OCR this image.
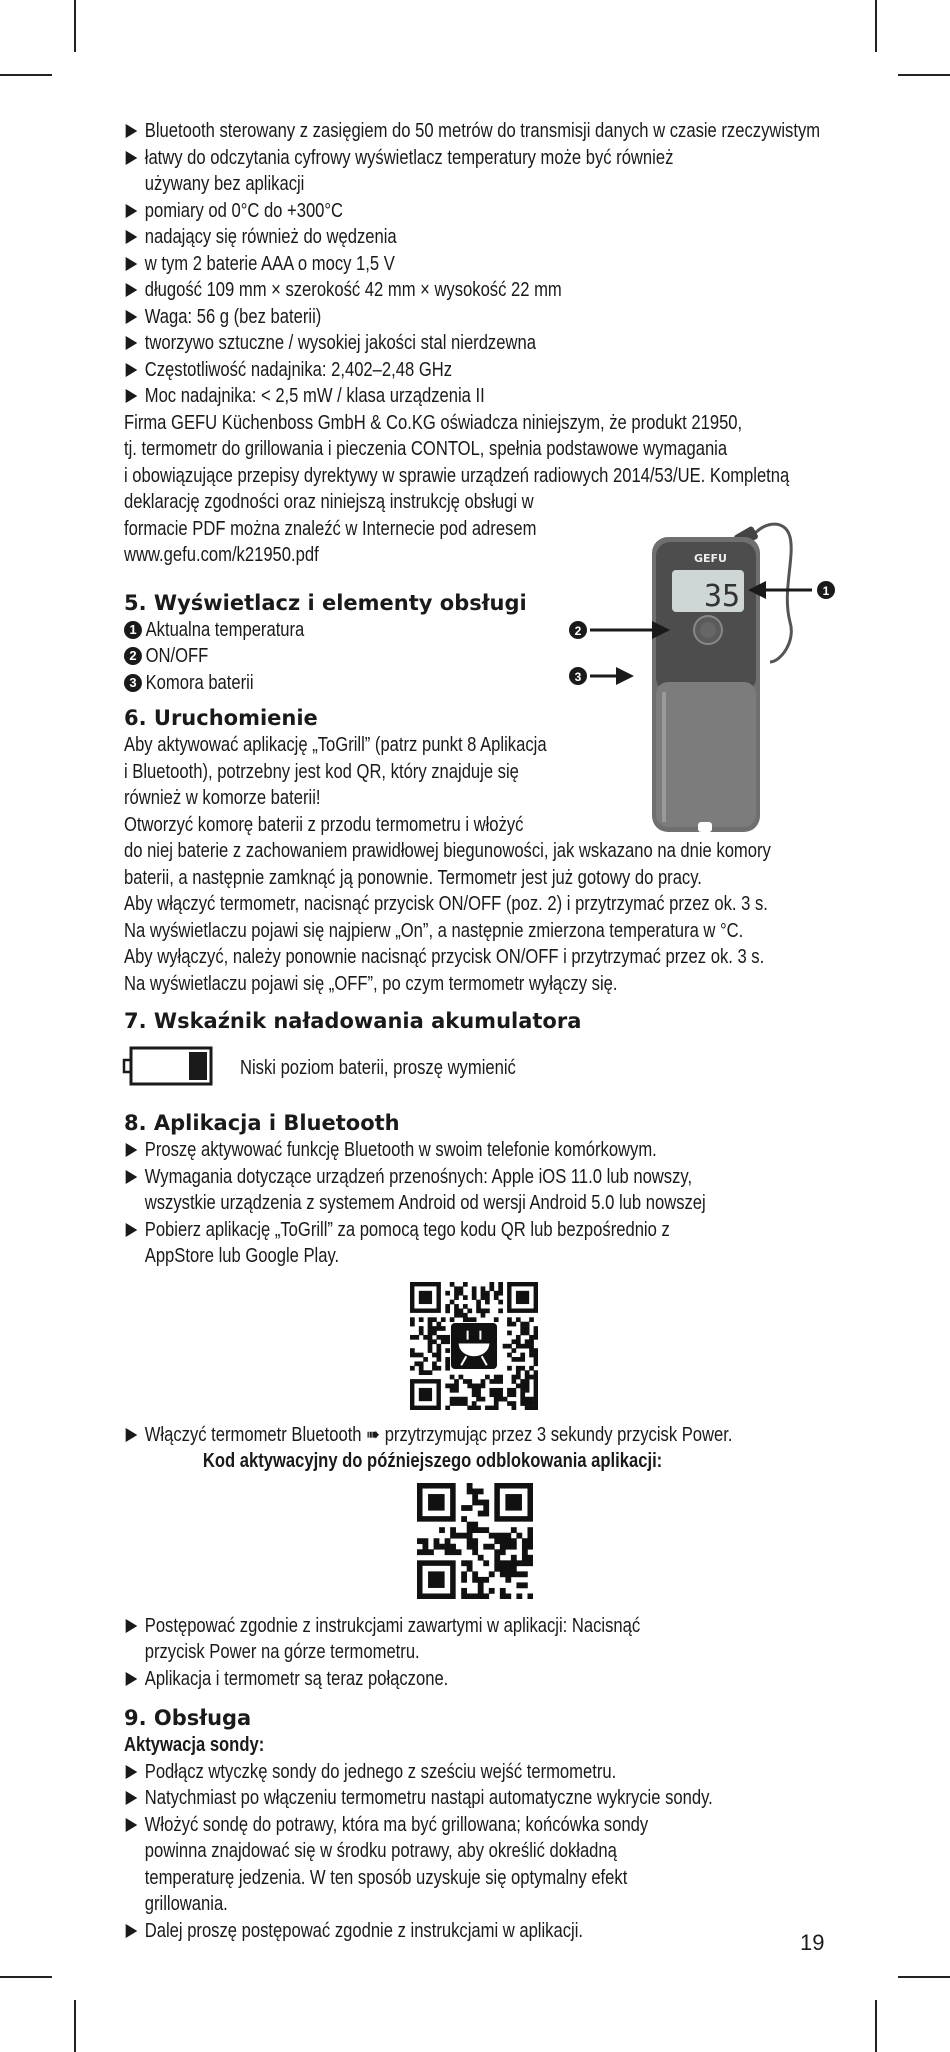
Bluetooth sterowany z zasięgiem do 50 metrów do transmisji danych w czasie rzeczywistym
łatwy do odczytania cyfrowy wyświetlacz temperatury może być również używany bez aplikacji
pomiary od 0°C do +300°C
nadający się również do wędzenia
w tym 2 baterie AAA o mocy 1,5 V
długość 109 mm × szerokość 42 mm × wysokość 22 mm
Waga: 56 g (bez baterii)
tworzywo sztuczne / wysokiej jakości stal nierdzewna
Częstotliwość nadajnika: 2,402–2,48 GHz
Moc nadajnika: < 2,5 mW / klasa urządzenia II
Firma GEFU Küchenboss GmbH & Co.KG oświadcza niniejszym, że produkt 21950,
tj. termometr do grillowania i pieczenia CONTOL, spełnia podstawowe wymagania
i obowiązujące przepisy dyrektywy w sprawie urządzeń radiowych 2014/53/UE. Kompletną
deklarację zgodności oraz niniejszą instrukcję obsługi w
formacie PDF można znaleźć w Internecie pod adresem
www.gefu.com/k21950.pdf
5. Wyświetlacz i elementy obsługi
1 Aktualna temperatura
2 ON/OFF
3 Komora baterii
6. Uruchomienie
Aby aktywować aplikację „ToGrill” (patrz punkt 8 Aplikacja
i Bluetooth), potrzebny jest kod QR, który znajduje się
również w komorze baterii!
Otworzyć komorę baterii z przodu termometru i włożyć
do niej baterie z zachowaniem prawidłowej biegunowości, jak wskazano na dnie komory
baterii, a następnie zamknąć ją ponownie. Termometr jest już gotowy do pracy.
Aby włączyć termometr, nacisnąć przycisk ON/OFF (poz. 2) i przytrzymać przez ok. 3 s.
Na wyświetlaczu pojawi się najpierw „On”, a następnie zmierzona temperatura w °C.
Aby wyłączyć, należy ponownie nacisnąć przycisk ON/OFF i przytrzymać przez ok. 3 s.
Na wyświetlaczu pojawi się „OFF”, po czym termometr wyłączy się.
7. Wskaźnik naładowania akumulatora
Niski poziom baterii, proszę wymienić
8. Aplikacja i Bluetooth
Proszę aktywować funkcję Bluetooth w swoim telefonie komórkowym.
Wymagania dotyczące urządzeń przenośnych: Apple iOS 11.0 lub nowszy, wszystkie urządzenia z systemem Android od wersji Android 5.0 lub nowszej
Pobierz aplikację „ToGrill” za pomocą tego kodu QR lub bezpośrednio z AppStore lub Google Play.
Włączyć termometr Bluetooth ➠ przytrzymując przez 3 sekundy przycisk Power.
Kod aktywacyjny do późniejszego odblokowania aplikacji:
Postępować zgodnie z instrukcjami zawartymi w aplikacji: Nacisnąć przycisk Power na górze termometru.
Aplikacja i termometr są teraz połączone.
9. Obsługa
Aktywacja sondy:
Podłącz wtyczkę sondy do jednego z sześciu wejść termometru.
Natychmiast po włączeniu termometru nastąpi automatyczne wykrycie sondy.
Włożyć sondę do potrawy, która ma być grillowana; końcówka sondy powinna znajdować się w środku potrawy, aby określić dokładną temperaturę jedzenia. W ten sposób uzyskuje się optymalny efekt grillowania.
Dalej proszę postępować zgodnie z instrukcjami w aplikacji.
GEFU
35	1
2
3
19
